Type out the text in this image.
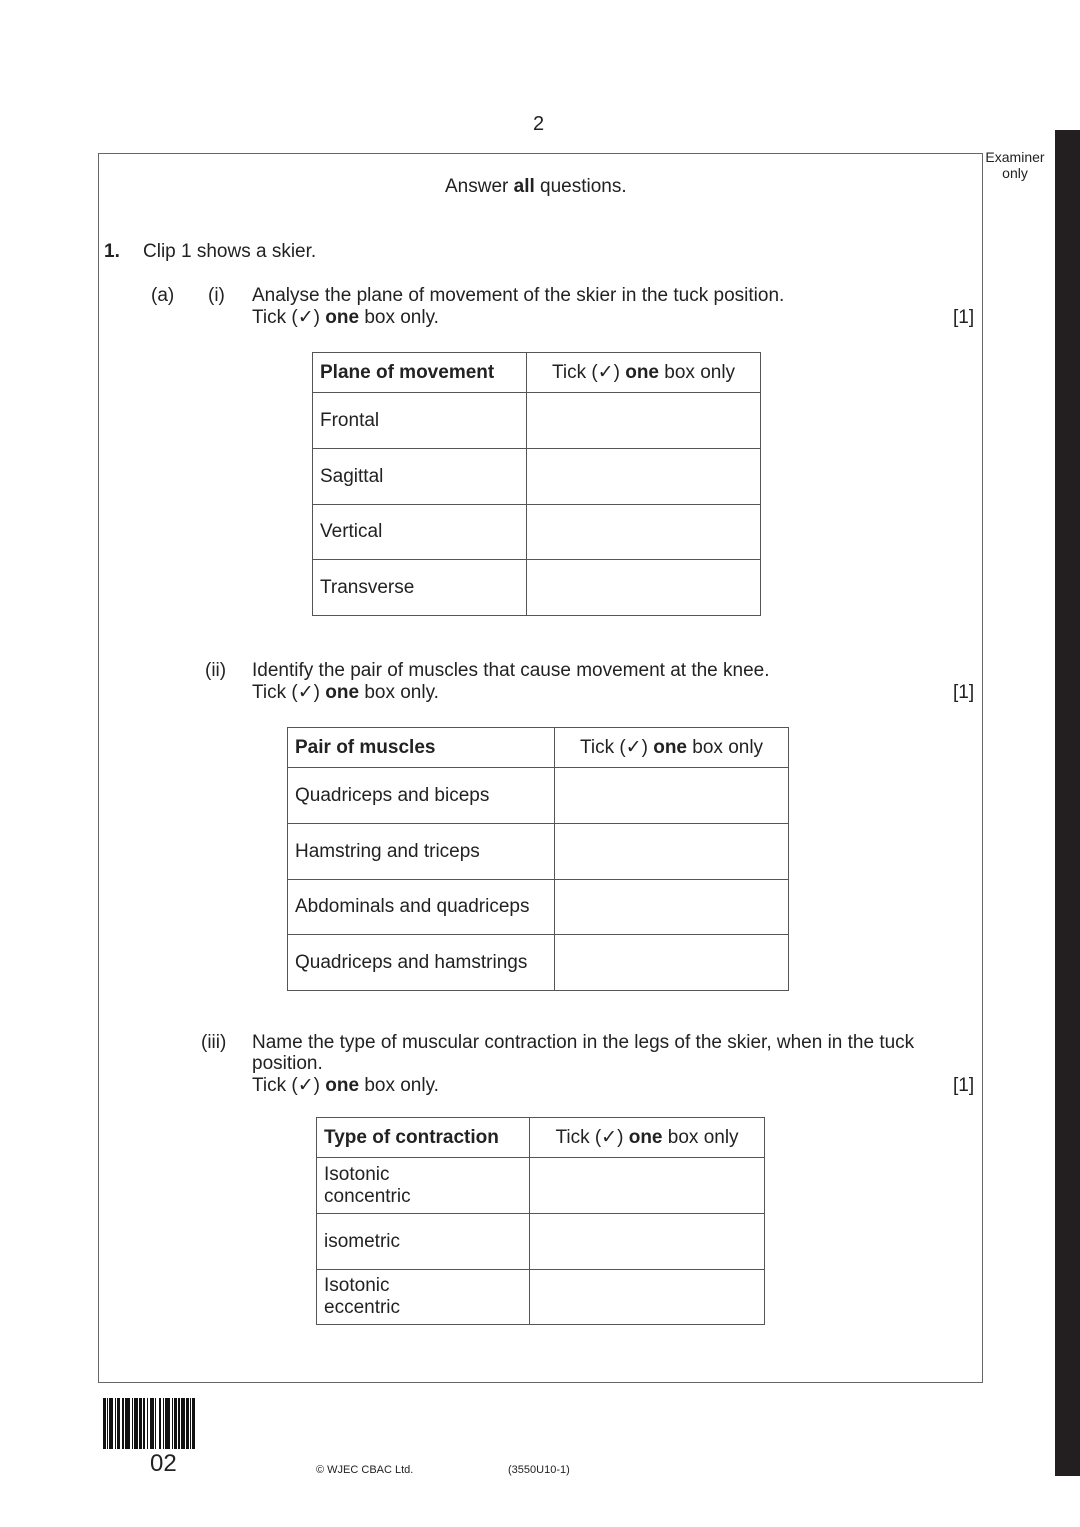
2
Examiner only
Answer all questions.
1. Clip 1 shows a skier.
(a) (i) Analyse the plane of movement of the skier in the tuck position.
Tick (✓) one box only.	[1]
Plane of movement	Tick (✓) one box only
Frontal	
Sagittal	
Vertical	
Transverse	
(ii) Identify the pair of muscles that cause movement at the knee.
Tick (✓) one box only.	[1]
Pair of muscles	Tick (✓) one box only
Quadriceps and biceps	
Hamstring and triceps	
Abdominals and quadriceps	
Quadriceps and hamstrings	
(iii) Name the type of muscular contraction in the legs of the skier, when in the tuck
position.
Tick (✓) one box only.	[1]
Type of contraction	Tick (✓) one box only

Isotonic
concentric	

isometric	

Isotonic
eccentric	

02	© WJEC CBAC Ltd.	(3550U10-1)
